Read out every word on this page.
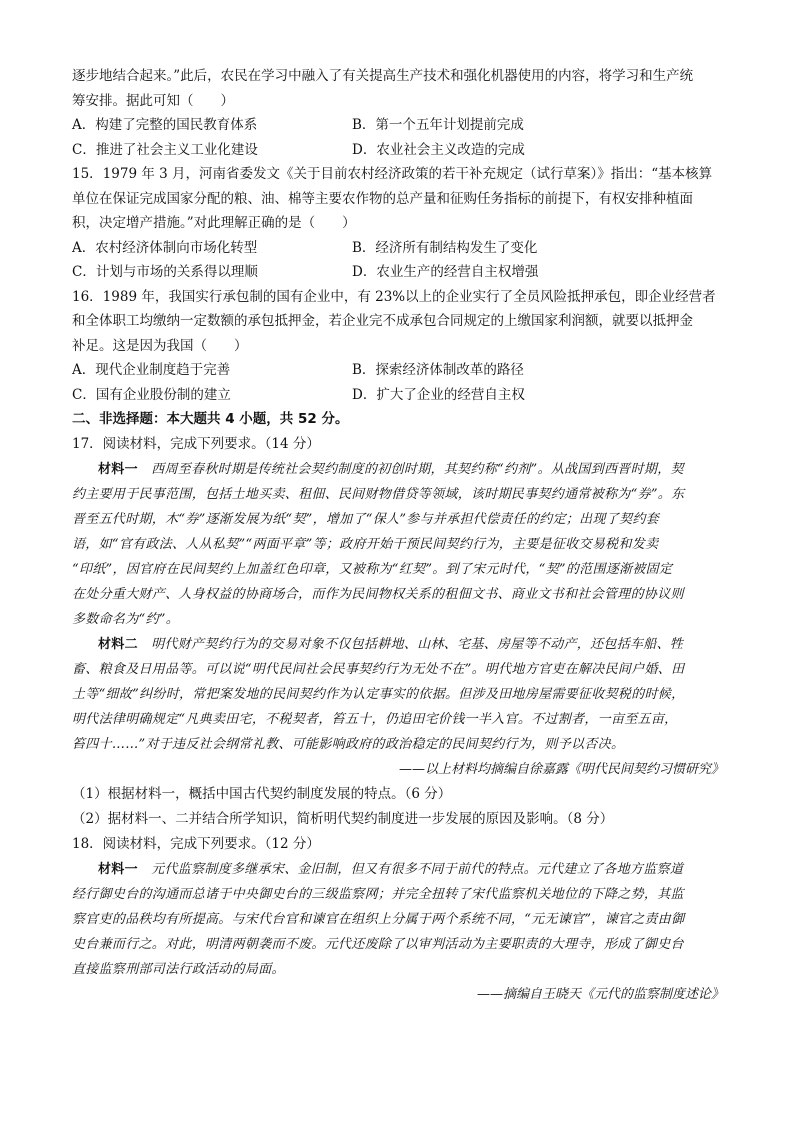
逐步地结合起来。”此后，农民在学习中融入了有关提高生产技术和强化机器使用的内容，将学习和生产统
筹安排。据此可知（　　）
A．构建了完整的国民教育体系	B．第一个五年计划提前完成
C．推进了社会主义工业化建设	D．农业社会主义改造的完成
15．1979 年 3 月，河南省委发文《关于目前农村经济政策的若干补充规定（试行草案）》指出：“基本核算
单位在保证完成国家分配的粮、油、棉等主要农作物的总产量和征购任务指标的前提下，有权安排种植面
积，决定增产措施。”对此理解正确的是（　　）
A．农村经济体制向市场化转型	B．经济所有制结构发生了变化
C．计划与市场的关系得以理顺	D．农业生产的经营自主权增强
16．1989 年，我国实行承包制的国有企业中，有 23%以上的企业实行了全员风险抵押承包，即企业经营者
和全体职工均缴纳一定数额的承包抵押金，若企业完不成承包合同规定的上缴国家利润额，就要以抵押金
补足。这是因为我国（　　）
A．现代企业制度趋于完善	B．探索经济体制改革的路径
C．国有企业股份制的建立	D．扩大了企业的经营自主权
二、非选择题：本大题共 4 小题，共 52 分。
17．阅读材料，完成下列要求。（14 分）
材料一　西周至春秋时期是传统社会契约制度的初创时期，其契约称“约剂”。从战国到西晋时期，契
约主要用于民事范围，包括土地买卖、租佃、民间财物借贷等领域，该时期民事契约通常被称为“券”。东
晋至五代时期，木“券”逐渐发展为纸“契”，增加了“保人”参与并承担代偿责任的约定；出现了契约套
语，如“官有政法、人从私契”“两面平章”等；政府开始干预民间契约行为，主要是征收交易税和发卖
“印纸”，因官府在民间契约上加盖红色印章，又被称为“红契”。到了宋元时代，“契”的范围逐渐被固定
在处分重大财产、人身权益的协商场合，而作为民间物权关系的租佃文书、商业文书和社会管理的协议则
多数命名为“约”。
材料二　明代财产契约行为的交易对象不仅包括耕地、山林、宅基、房屋等不动产，还包括车船、牲
畜、粮食及日用品等。可以说“明代民间社会民事契约行为无处不在”。明代地方官吏在解决民间户婚、田
土等“细故”纠纷时，常把案发地的民间契约作为认定事实的依据。但涉及田地房屋需要征收契税的时候，
明代法律明确规定“凡典卖田宅，不税契者，笞五十，仍追田宅价钱一半入官。不过割者，一亩至五亩，
笞四十……”对于违反社会纲常礼教、可能影响政府的政治稳定的民间契约行为，则予以否决。
——以上材料均摘编自徐嘉露《明代民间契约习惯研究》
（1）根据材料一，概括中国古代契约制度发展的特点。（6 分）
（2）据材料一、二并结合所学知识，简析明代契约制度进一步发展的原因及影响。（8 分）
18．阅读材料，完成下列要求。（12 分）
材料一　元代监察制度多继承宋、金旧制，但又有很多不同于前代的特点。元代建立了各地方监察道
经行御史台的沟通而总诸于中央御史台的三级监察网；并完全扭转了宋代监察机关地位的下降之势，其监
察官吏的品秩均有所提高。与宋代台官和谏官在组织上分属于两个系统不同，“元无谏官”，谏官之责由御
史台兼而行之。对此，明清两朝袭而不废。元代还废除了以审判活动为主要职责的大理寺，形成了御史台
直接监察刑部司法行政活动的局面。
——摘编自王晓天《元代的监察制度述论》
